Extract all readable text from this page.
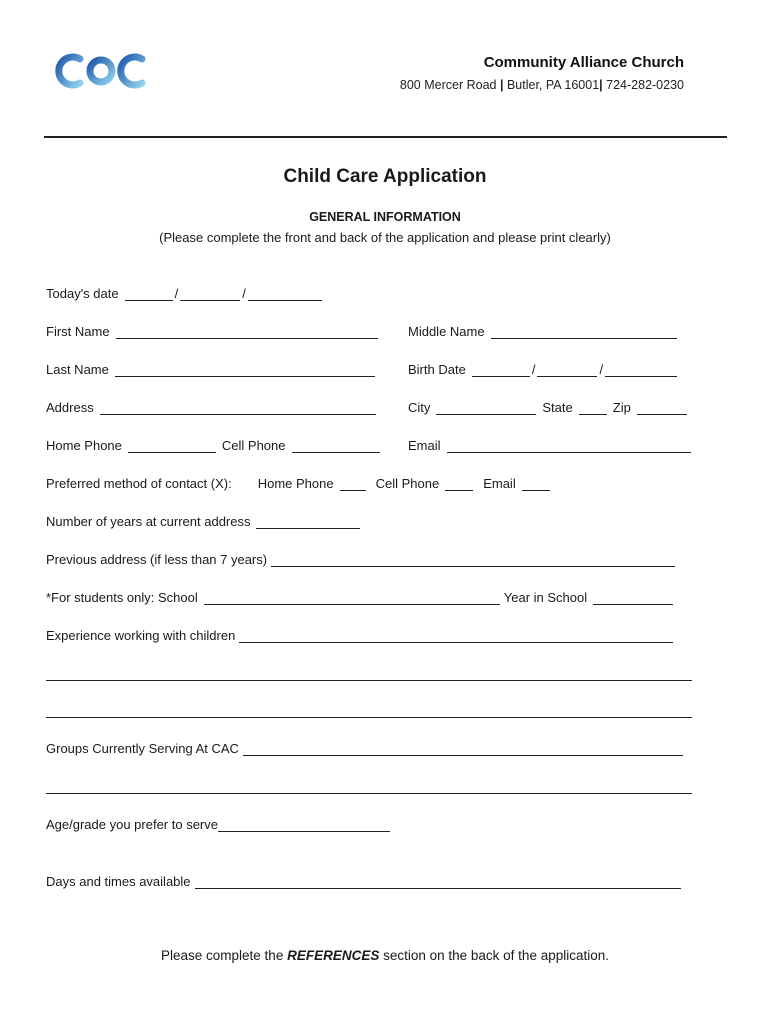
Community Alliance Church
800 Mercer Road | Butler, PA 16001| 724-282-0230
Child Care Application
GENERAL INFORMATION
(Please complete the front and back of the application and please print clearly)
Today's date	/	/
First Name	Middle Name
Last Name	Birth Date	/	/
Address	City	State	Zip
Home Phone	Cell Phone	Email
Preferred method of contact (X): Home Phone	Cell Phone	Email
Number of years at current address
Previous address (if less than 7 years)
*For students only: School	Year in School
Experience working with children
Groups Currently Serving At CAC
Age/grade you prefer to serve
Days and times available
Please complete the REFERENCES section on the back of the application.
